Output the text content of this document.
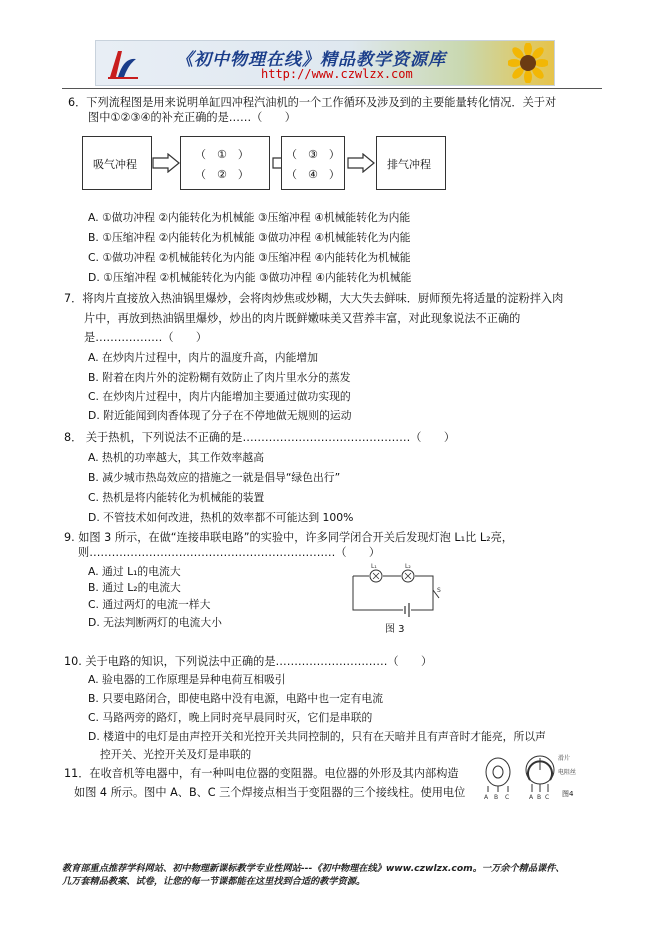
《初中物理在线》精品教学资源库
http://www.czwlzx.com
6．下列流程图是用来说明单缸四冲程汽油机的一个工作循环及涉及到的主要能量转化情况．关于对
图中①②③④的补充正确的是……（　　）
吸气冲程
（　①　）
（　②　）
（　③　）
（　④　）
排气冲程
A. ①做功冲程 ②内能转化为机械能 ③压缩冲程 ④机械能转化为内能
B. ①压缩冲程 ②内能转化为机械能 ③做功冲程 ④机械能转化为内能
C. ①做功冲程 ②机械能转化为内能 ③压缩冲程 ④内能转化为机械能
D. ①压缩冲程 ②机械能转化为内能 ③做功冲程 ④内能转化为机械能
7．将肉片直接放入热油锅里爆炒，会将肉炒焦或炒糊，大大失去鲜味．厨师预先将适量的淀粉拌入肉
片中，再放到热油锅里爆炒，炒出的肉片既鲜嫩味美又营养丰富，对此现象说法不正确的
是………………（　　）
A. 在炒肉片过程中，肉片的温度升高，内能增加
B. 附着在肉片外的淀粉糊有效防止了肉片里水分的蒸发
C. 在炒肉片过程中，肉片内能增加主要通过做功实现的
D. 附近能闻到肉香体现了分子在不停地做无规则的运动
8． 关于热机，下列说法不正确的是………………………………………（　　）
A. 热机的功率越大，其工作效率越高
B. 减少城市热岛效应的措施之一就是倡导“绿色出行”
C. 热机是将内能转化为机械能的装置
D. 不管技术如何改进，热机的效率都不可能达到 100%
9. 如图 3 所示，在做“连接串联电路”的实验中，许多同学闭合开关后发现灯泡 L₁比 L₂亮，
则…………………………………………………………（　　）
A. 通过 L₁的电流大
B. 通过 L₂的电流大
C. 通过两灯的电流一样大
D. 无法判断两灯的电流大小
L₁	L₂
S
图 3
10. 关于电路的知识，下列说法中正确的是…………………………（　　）
A. 验电器的工作原理是异种电荷互相吸引
B. 只要电路闭合，即使电路中没有电源，电路中也一定有电流
C. 马路两旁的路灯，晚上同时亮早晨同时灭，它们是串联的
D. 楼道中的电灯是由声控开关和光控开关共同控制的，只有在天暗并且有声音时才能亮，所以声
控开关、光控开关及灯是串联的
11．在收音机等电器中，有一种叫电位器的变阻器。电位器的外形及其内部构造
如图 4 所示。图中 A、B、C 三个焊接点相当于变阻器的三个接线柱。使用电位
滑片
电阻丝
A B C	A B C 图4
教育部重点推荐学科网站、初中物理新课标教学专业性网站---《初中物理在线》www.czwlzx.com。一万余个精品课件、
几万套精品教案、试卷，让您的每一节课都能在这里找到合适的教学资源。
